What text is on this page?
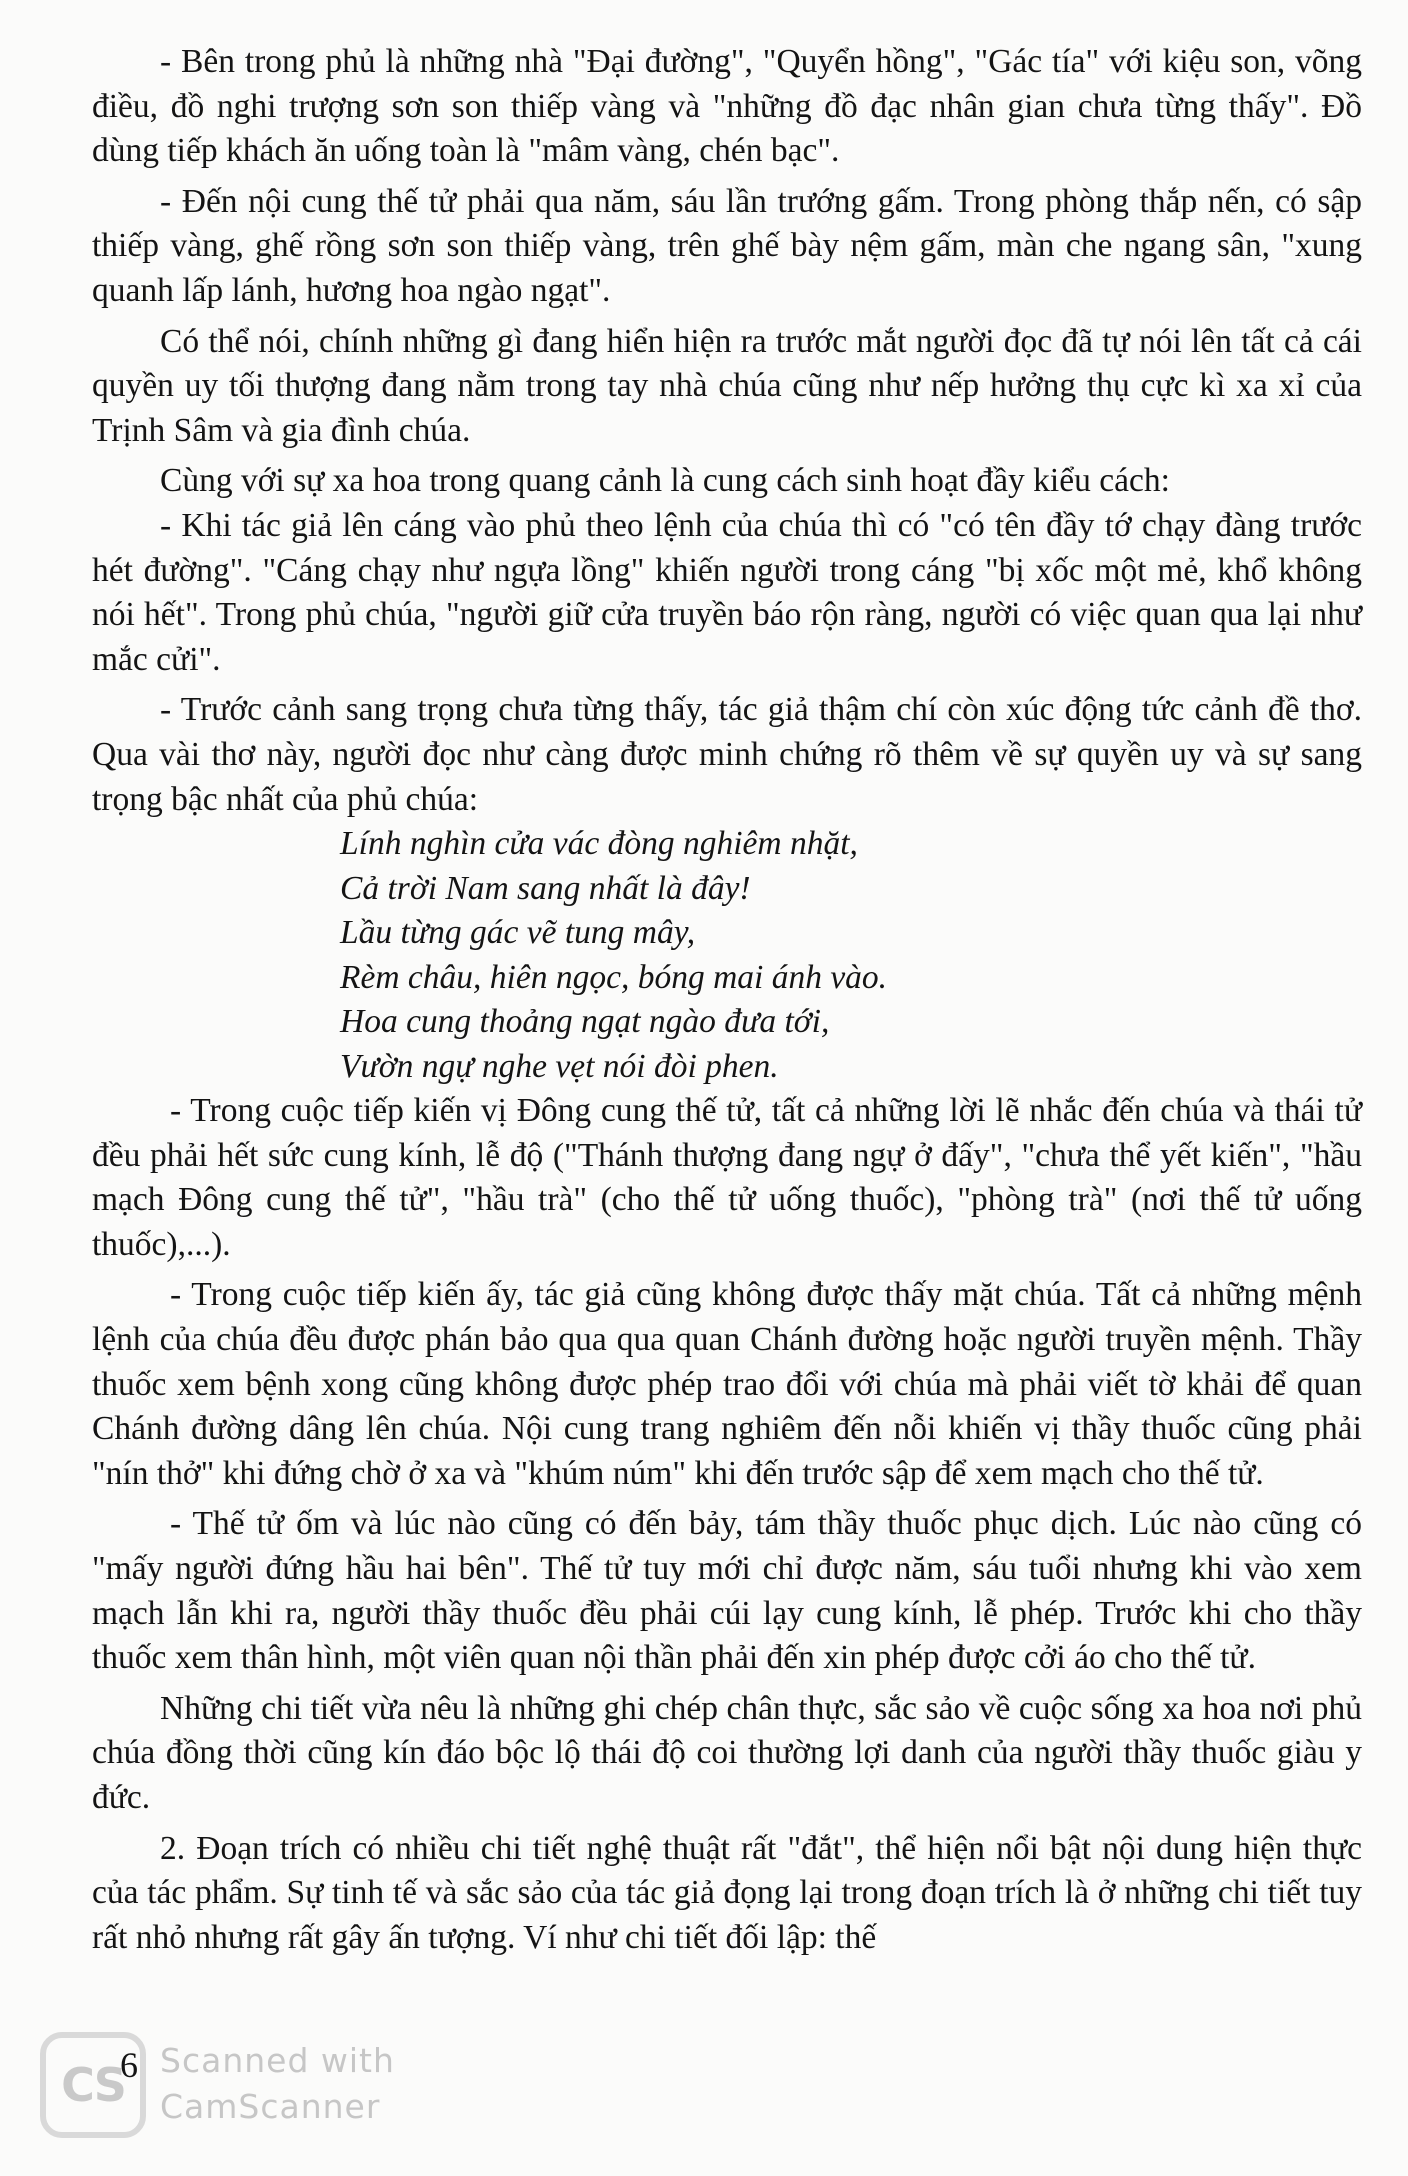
- Bên trong phủ là những nhà "Đại đường", "Quyển hồng", "Gác tía" với kiệu son, võng điều, đồ nghi trượng sơn son thiếp vàng và "những đồ đạc nhân gian chưa từng thấy". Đồ dùng tiếp khách ăn uống toàn là "mâm vàng, chén bạc".

- Đến nội cung thế tử phải qua năm, sáu lần trướng gấm. Trong phòng thắp nến, có sập thiếp vàng, ghế rồng sơn son thiếp vàng, trên ghế bày nệm gấm, màn che ngang sân, "xung quanh lấp lánh, hương hoa ngào ngạt".

Có thể nói, chính những gì đang hiển hiện ra trước mắt người đọc đã tự nói lên tất cả cái quyền uy tối thượng đang nằm trong tay nhà chúa cũng như nếp hưởng thụ cực kì xa xỉ của Trịnh Sâm và gia đình chúa.

Cùng với sự xa hoa trong quang cảnh là cung cách sinh hoạt đầy kiểu cách:

- Khi tác giả lên cáng vào phủ theo lệnh của chúa thì có "có tên đầy tớ chạy đàng trước hét đường". "Cáng chạy như ngựa lồng" khiến người trong cáng "bị xốc một mẻ, khổ không nói hết". Trong phủ chúa, "người giữ cửa truyền báo rộn ràng, người có việc quan qua lại như mắc cửi".

- Trước cảnh sang trọng chưa từng thấy, tác giả thậm chí còn xúc động tức cảnh đề thơ. Qua vài thơ này, người đọc như càng được minh chứng rõ thêm về sự quyền uy và sự sang trọng bậc nhất của phủ chúa:

Lính nghìn cửa vác đòng nghiêm nhặt,
Cả trời Nam sang nhất là đây!
Lầu từng gác vẽ tung mây,
Rèm châu, hiên ngọc, bóng mai ánh vào.
Hoa cung thoảng ngạt ngào đưa tới,
Vườn ngự nghe vẹt nói đòi phen.

- Trong cuộc tiếp kiến vị Đông cung thế tử, tất cả những lời lẽ nhắc đến chúa và thái tử đều phải hết sức cung kính, lễ độ ("Thánh thượng đang ngự ở đấy", "chưa thể yết kiến", "hầu mạch Đông cung thế tử", "hầu trà" (cho thế tử uống thuốc), "phòng trà" (nơi thế tử uống thuốc),...).

- Trong cuộc tiếp kiến ấy, tác giả cũng không được thấy mặt chúa. Tất cả những mệnh lệnh của chúa đều được phán bảo qua qua quan Chánh đường hoặc người truyền mệnh. Thầy thuốc xem bệnh xong cũng không được phép trao đổi với chúa mà phải viết tờ khải để quan Chánh đường dâng lên chúa. Nội cung trang nghiêm đến nỗi khiến vị thầy thuốc cũng phải "nín thở" khi đứng chờ ở xa và "khúm núm" khi đến trước sập để xem mạch cho thế tử.

- Thế tử ốm và lúc nào cũng có đến bảy, tám thầy thuốc phục dịch. Lúc nào cũng có "mấy người đứng hầu hai bên". Thế tử tuy mới chỉ được năm, sáu tuổi nhưng khi vào xem mạch lẫn khi ra, người thầy thuốc đều phải cúi lạy cung kính, lễ phép. Trước khi cho thầy thuốc xem thân hình, một viên quan nội thần phải đến xin phép được cởi áo cho thế tử.

Những chi tiết vừa nêu là những ghi chép chân thực, sắc sảo về cuộc sống xa hoa nơi phủ chúa đồng thời cũng kín đáo bộc lộ thái độ coi thường lợi danh của người thầy thuốc giàu y đức.

2. Đoạn trích có nhiều chi tiết nghệ thuật rất "đắt", thể hiện nổi bật nội dung hiện thực của tác phẩm. Sự tinh tế và sắc sảo của tác giả đọng lại trong đoạn trích là ở những chi tiết tuy rất nhỏ nhưng rất gây ấn tượng. Ví như chi tiết đối lập: thế

CS
6 Scanned with
CamScanner
